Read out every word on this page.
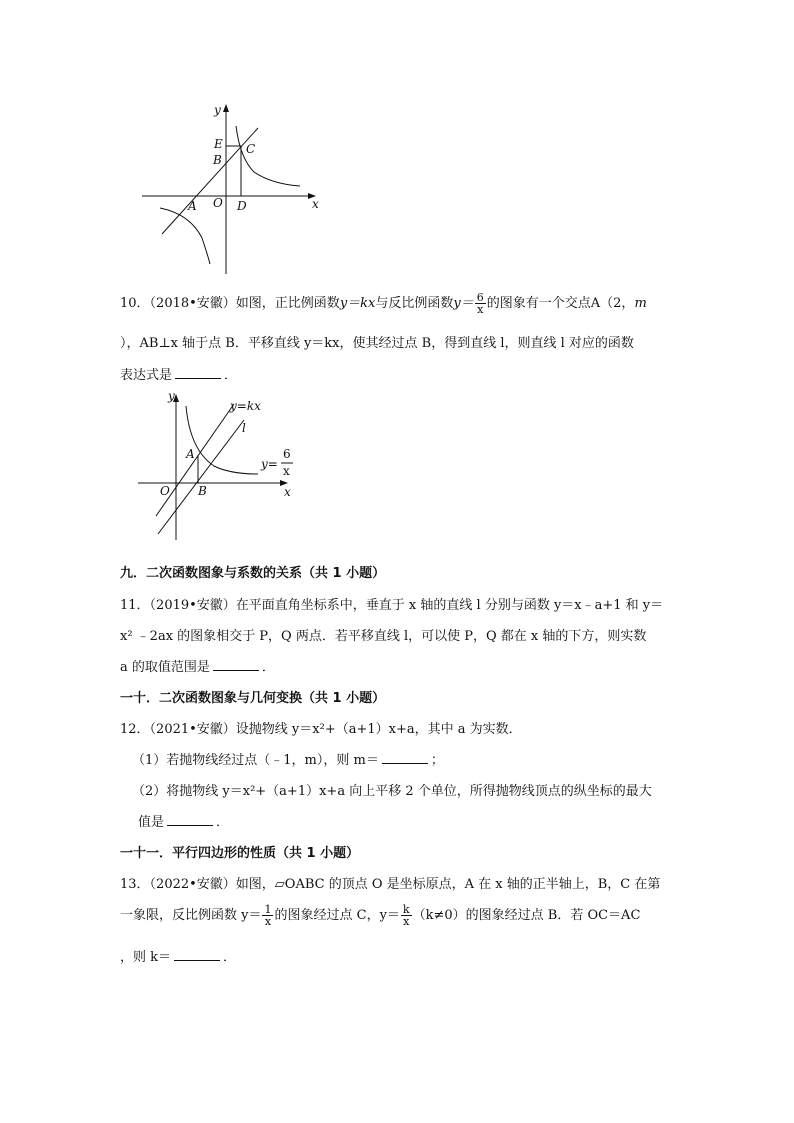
y
x
E
B
C
O
A	D
10．（2018•安徽）如图，正比例函数y＝kx与反比例函数$y= \frac{6}{x}$ 的图象有一个交点A（2，m
），AB⊥x 轴于点 B．平移直线 y＝kx，使其经过点 B，得到直线 l，则直线 l 对应的函数
表达式是	．
y
y=kx
l
A
O B	x
y=
6
x
九．二次函数图象与系数的关系（共 1 小题）
11．（2019•安徽）在平面直角坐标系中，垂直于 x 轴的直线 l 分别与函数 y＝x﹣a+1 和 y＝
x² ﹣2ax 的图象相交于 P，Q 两点．若平移直线 l，可以使 P，Q 都在 x 轴的下方，则实数
a 的取值范围是	．
一十．二次函数图象与几何变换（共 1 小题）
12．（2021•安徽）设抛物线 y＝x²+（a+1）x+a，其中 a 为实数．
（1）若抛物线经过点（﹣1，m），则 m＝	；
（2）将抛物线 y＝x²+（a+1）x+a 向上平移 2 个单位，所得抛物线顶点的纵坐标的最大
值是	．
一十一．平行四边形的性质（共 1 小题）
13．（2022•安徽）如图，▱OABC 的顶点 O 是坐标原点，A 在 x 轴的正半轴上，B，C 在第
一象限，反比例函数 $y= \frac{1}{x}$ 的图象经过点 C，$y= \frac{k}{x} (k\ne 0)$的图象经过点 B．若 OC＝AC
，则 k＝	．
